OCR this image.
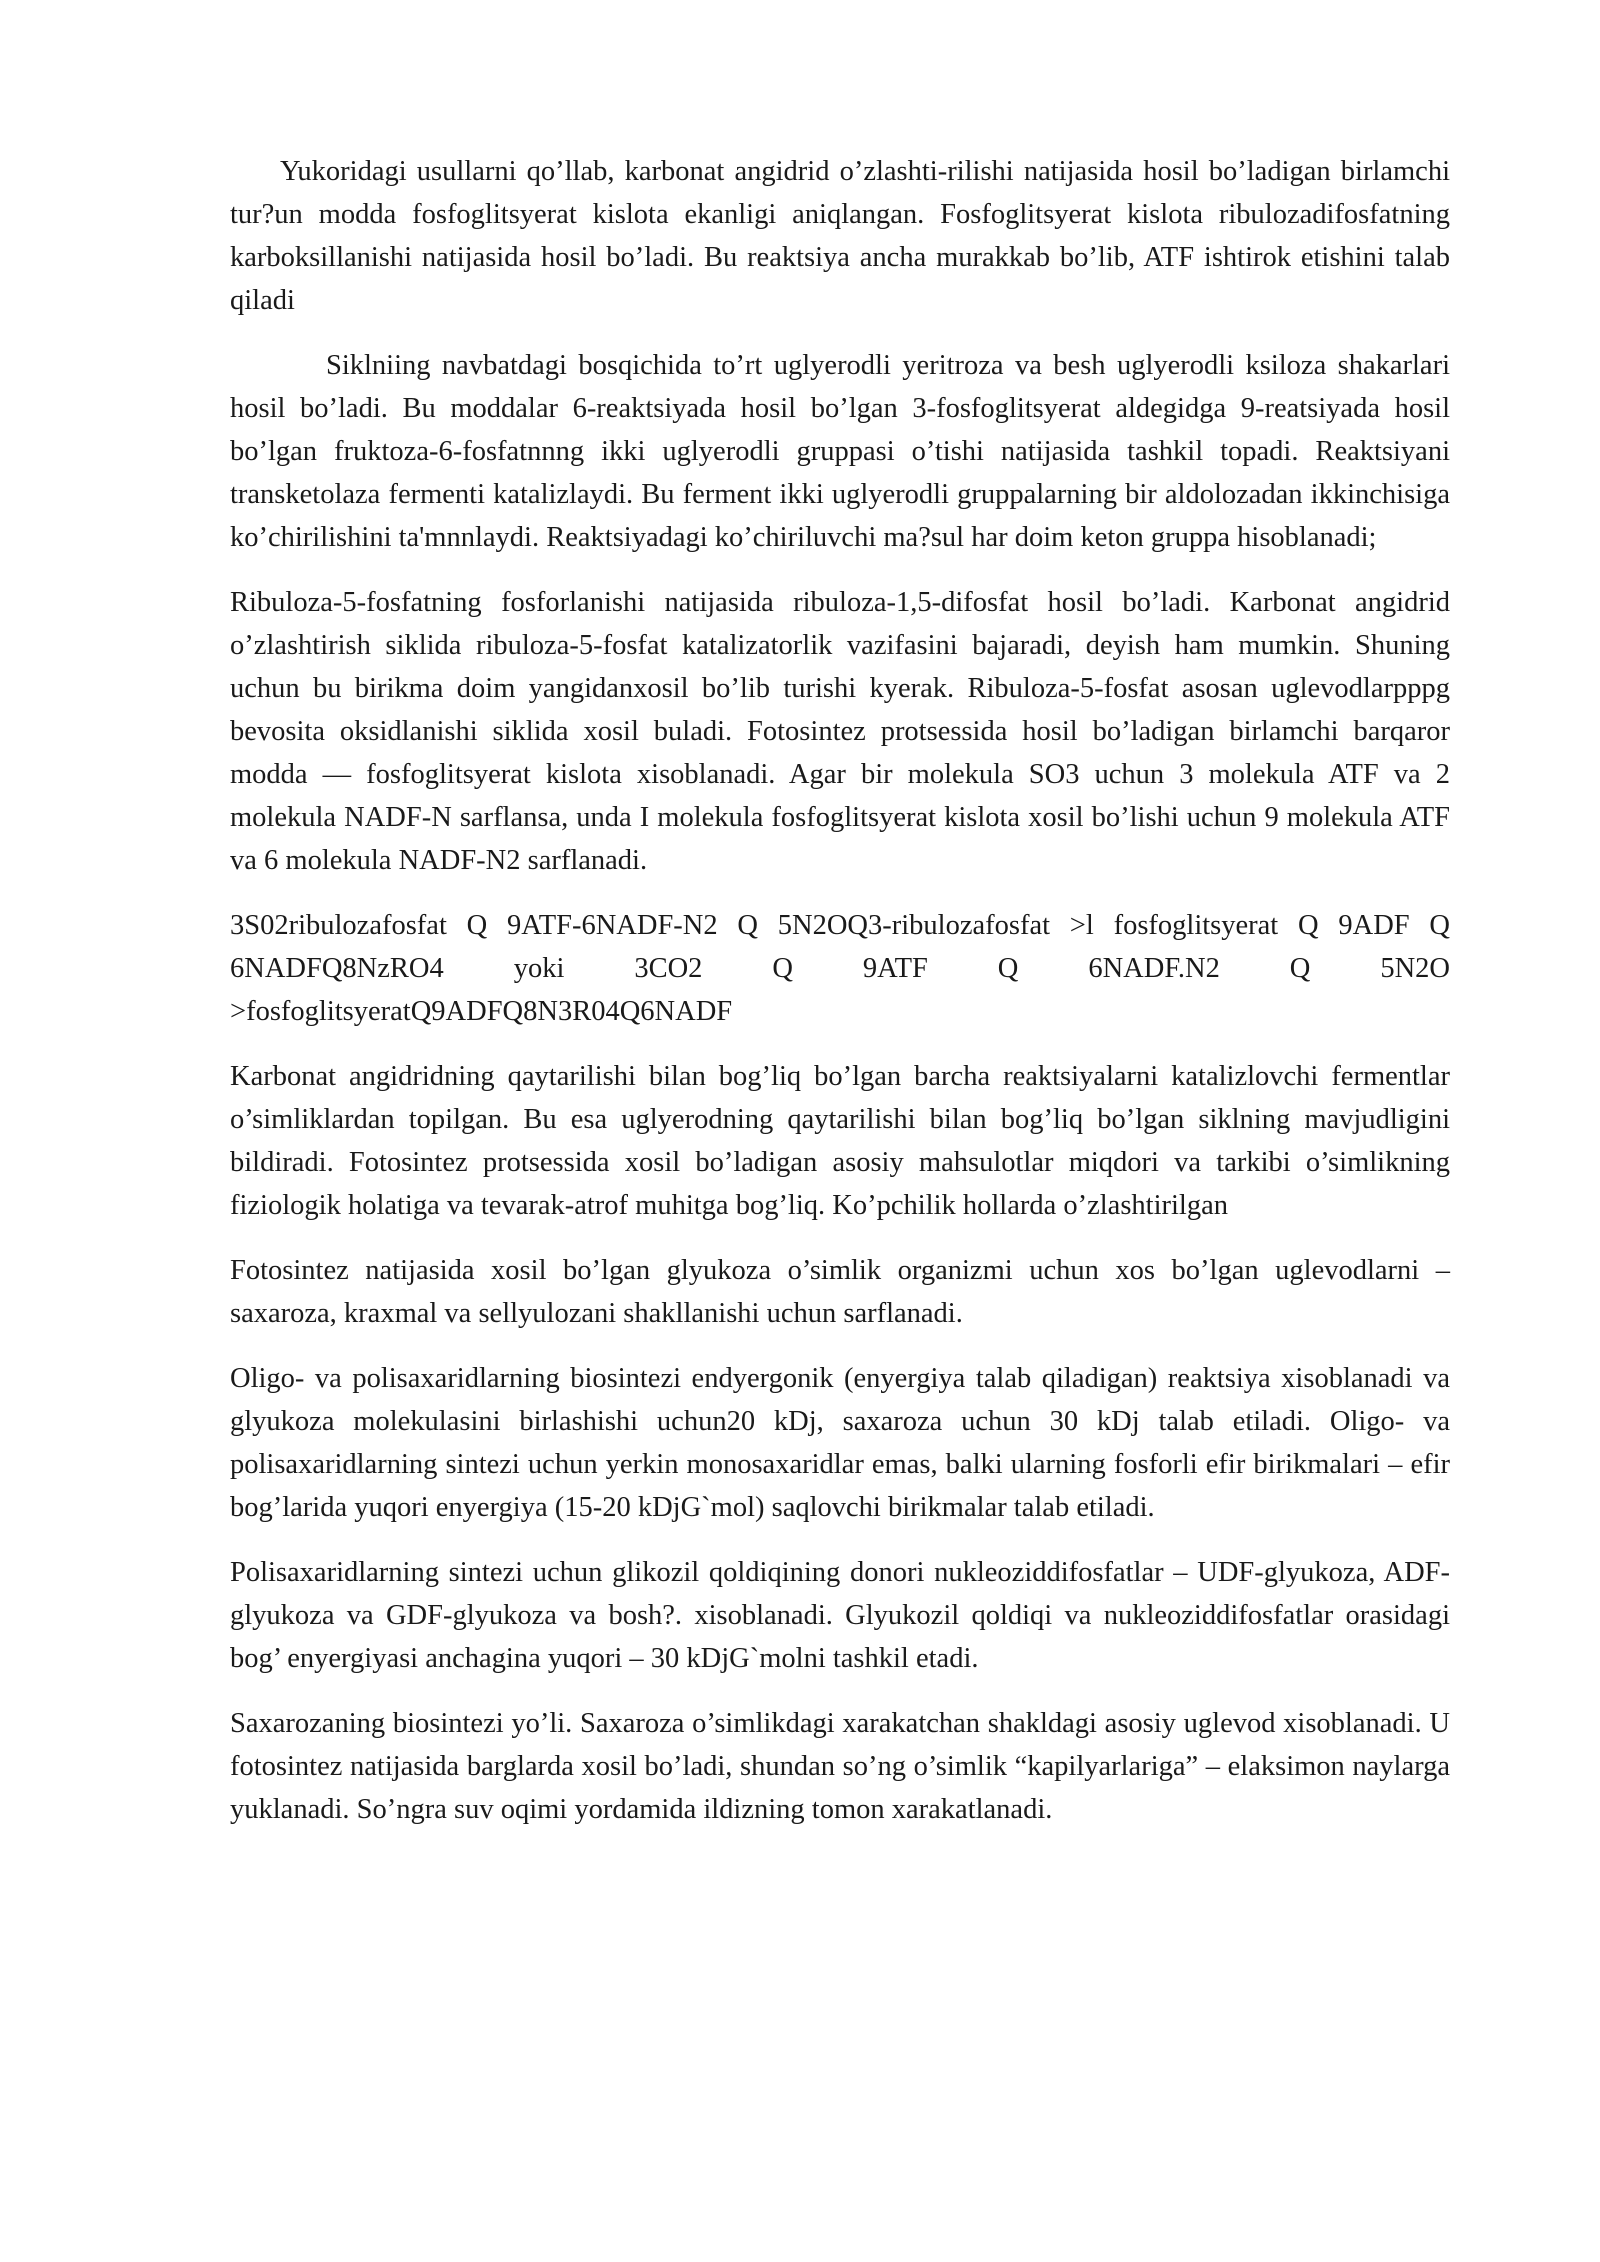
Yukoridagi usullarni qo’llab, karbonat angidrid o’zlashti-rilishi natijasida hosil bo’ladigan birlamchi tur?un modda fosfoglitsyerat kislota ekanligi aniqlangan. Fosfoglitsyerat kislota ribulozadifosfatning karboksillanishi natijasida hosil bo’ladi. Bu reaktsiya ancha murakkab bo’lib, ATF ishtirok etishini talab qiladi

Siklniing navbatdagi bosqichida to’rt uglyerodli yeritroza va besh uglyerodli ksiloza shakarlari hosil bo’ladi. Bu moddalar 6-reaktsiyada hosil bo’lgan 3-fosfoglitsyerat aldegidga 9-reatsiyada hosil bo’lgan fruktoza-6-fosfatnnng ikki uglyerodli gruppasi o’tishi natijasida tashkil topadi. Reaktsiyani transketolaza fermenti katalizlaydi. Bu ferment ikki uglyerodli gruppalarning bir aldolozadan ikkinchisiga ko’chirilishini ta'mnnlaydi. Reaktsiyadagi ko’chiriluvchi ma?sul har doim keton gruppa hisoblanadi;

Ribuloza-5-fosfatning fosforlanishi natijasida ribuloza-1,5-difosfat hosil bo’ladi. Karbonat angidrid o’zlashtirish siklida ribuloza-5-fosfat katalizatorlik vazifasini bajaradi, deyish ham mumkin. Shuning uchun bu birikma doim yangidanxosil bo’lib turishi kyerak. Ribuloza-5-fosfat asosan uglevodlarpppg bevosita oksidlanishi siklida xosil buladi. Fotosintez protsessida hosil bo’ladigan birlamchi barqaror modda — fosfoglitsyerat kislota xisoblanadi. Agar bir molekula SO3 uchun 3 molekula ATF va 2 molekula NADF-N sarflansa, unda I molekula fosfoglitsyerat kislota xosil bo’lishi uchun 9 molekula ATF va 6 molekula NADF-N2 sarflanadi.

3S02ribulozafosfat Q 9ATF-6NADF-N2 Q 5N2OQ3-ribulozafosfat >l fosfoglitsyerat Q 9ADF Q 6NADFQ8NzRO4 yoki 3CO2 Q 9ATF Q 6NADF.N2 Q 5N2O >fosfoglitsyeratQ9ADFQ8N3R04Q6NADF

Karbonat angidridning qaytarilishi bilan bog’liq bo’lgan barcha reaktsiyalarni katalizlovchi fermentlar o’simliklardan topilgan. Bu esa uglyerodning qaytarilishi bilan bog’liq bo’lgan siklning mavjudligini bildiradi. Fotosintez protsessida xosil bo’ladigan asosiy mahsulotlar miqdori va tarkibi o’simlikning fiziologik holatiga va tevarak-atrof muhitga bog’liq. Ko’pchilik hollarda o’zlashtirilgan

Fotosintez natijasida xosil bo’lgan glyukoza o’simlik organizmi uchun xos bo’lgan uglevodlarni – saxaroza, kraxmal va sellyulozani shakllanishi uchun sarflanadi.

Oligo- va polisaxaridlarning biosintezi endyergonik (enyergiya talab qiladigan) reaktsiya xisoblanadi va glyukoza molekulasini birlashishi uchun20 kDj, saxaroza uchun 30 kDj talab etiladi. Oligo- va polisaxaridlarning sintezi uchun yerkin monosaxaridlar emas, balki ularning fosforli efir birikmalari – efir bog’larida yuqori enyergiya (15-20 kDjG`mol) saqlovchi birikmalar talab etiladi.

Polisaxaridlarning sintezi uchun glikozil qoldiqining donori nukleoziddifosfatlar – UDF-glyukoza, ADF-glyukoza va GDF-glyukoza va bosh?. xisoblanadi. Glyukozil qoldiqi va nukleoziddifosfatlar orasidagi bog’ enyergiyasi anchagina yuqori – 30 kDjG`molni tashkil etadi.

Saxarozaning biosintezi yo’li. Saxaroza o’simlikdagi xarakatchan shakldagi asosiy uglevod xisoblanadi. U fotosintez natijasida barglarda xosil bo’ladi, shundan so’ng o’simlik “kapilyarlariga” – elaksimon naylarga yuklanadi. So’ngra suv oqimi yordamida ildizning tomon xarakatlanadi.
